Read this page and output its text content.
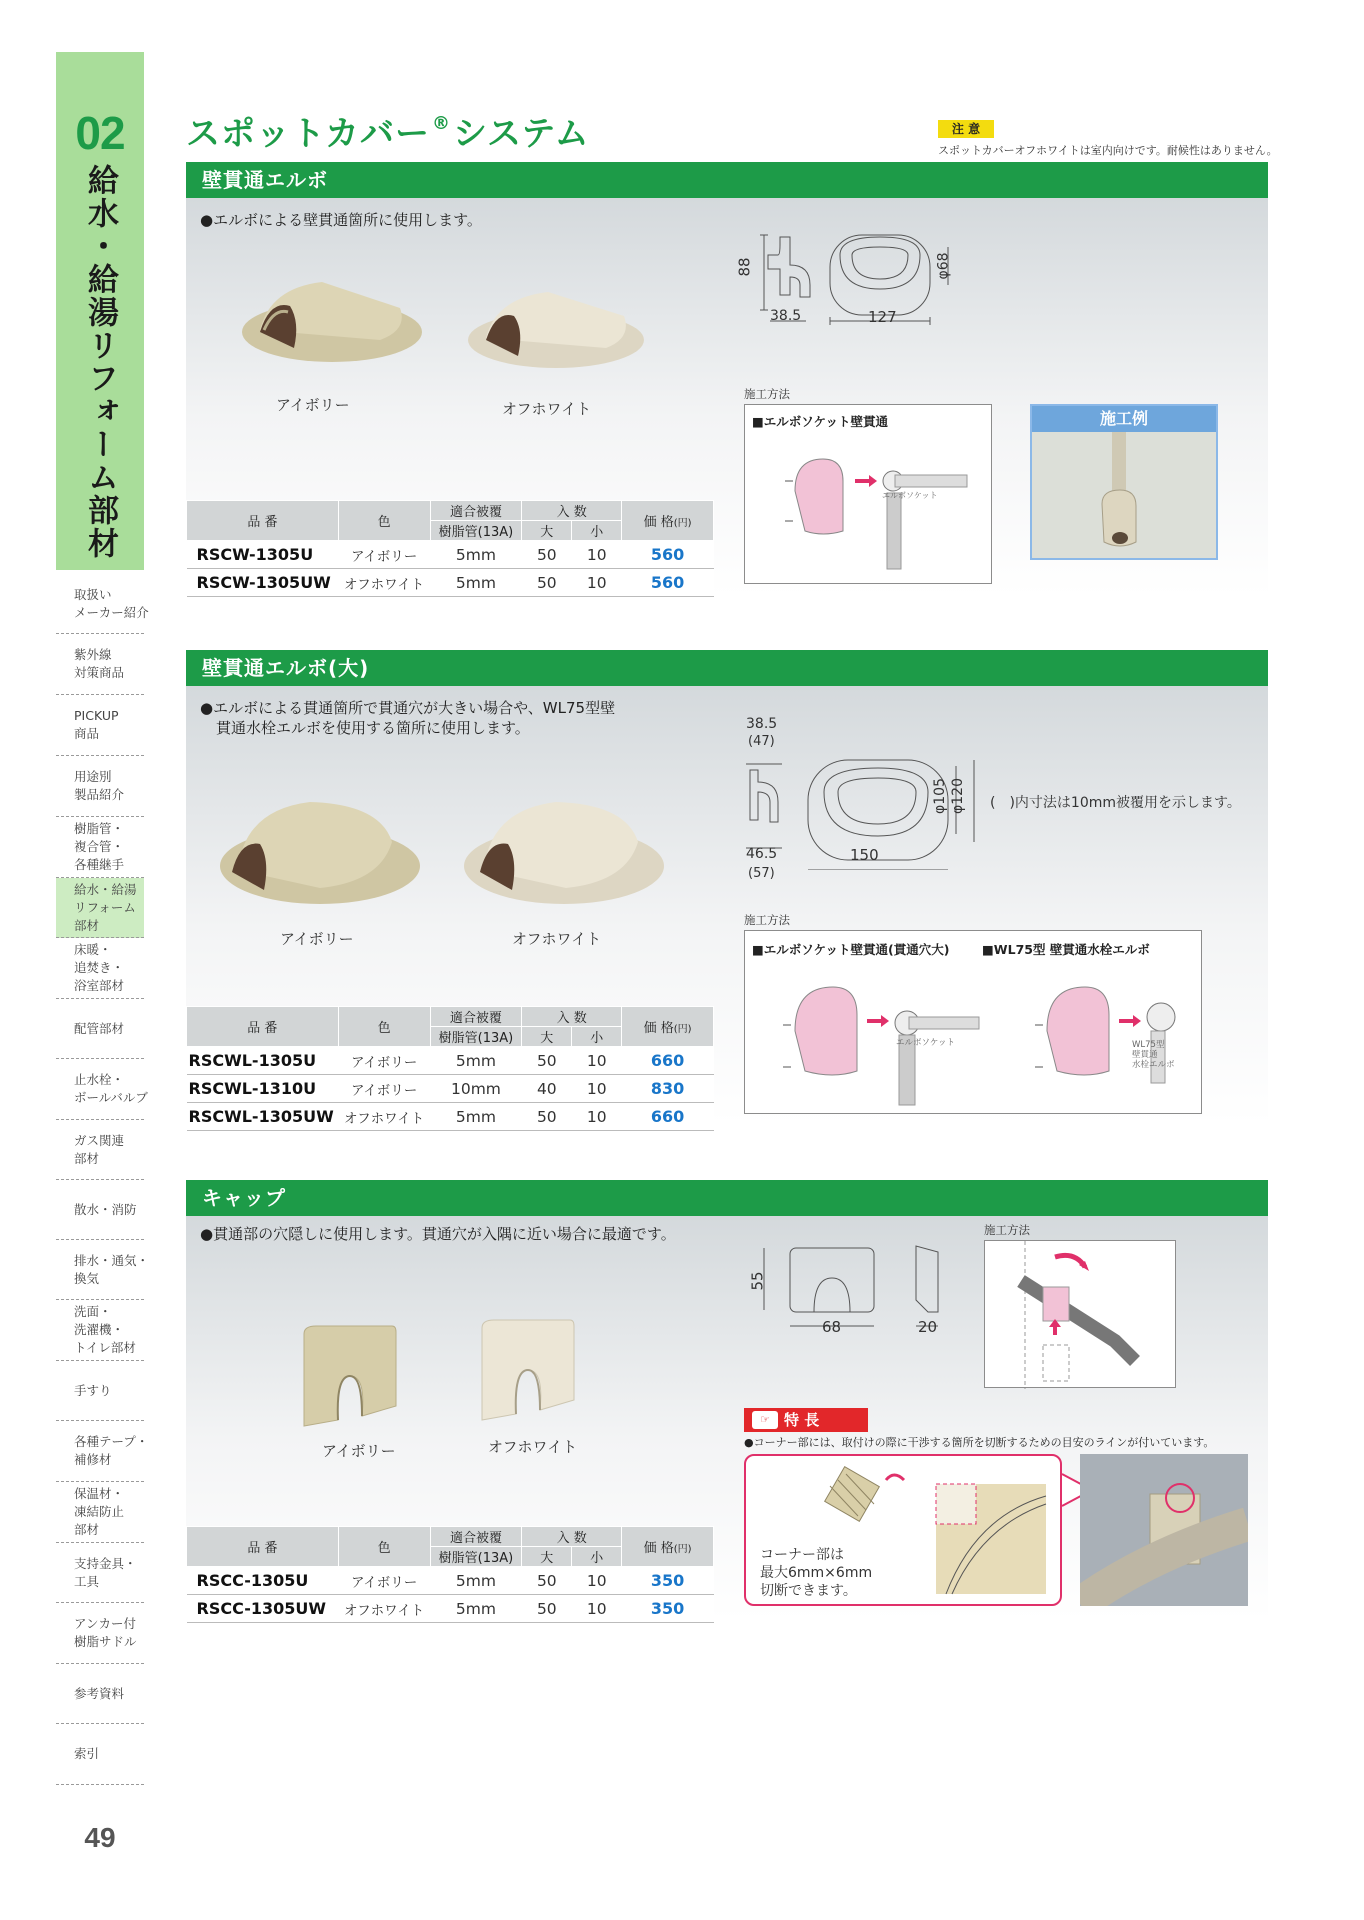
02
給水・給湯リフォーム部材
取扱い
メーカー紹介
紫外線
対策商品
PICKUP
商品
用途別
製品紹介
樹脂管・
複合管・
各種継手
給水・給湯
リフォーム
部材
床暖・
追焚き・
浴室部材
配管部材
止水栓・
ボールバルブ
ガス関連
部材
散水・消防
排水・通気・
換気
洗面・
洗濯機・
トイレ部材
手すり
各種テープ・
補修材
保温材・
凍結防止
部材
支持金具・
工具
アンカー付
樹脂サドル
参考資料
索引
49
スポットカバー ®システム	注 意
スポットカバーオフホワイトは室内向けです。耐候性はありません。
壁貫通エルボ
●エルボによる壁貫通箇所に使用します。
アイボリー	オフホワイト
88
38.5	127
φ68
施工方法
■エルボソケット壁貫通
エルボソケット
施工例
品 番	色	適合被覆	入 数		価 格(円)
		樹脂管(13A)	大	小	
RSCW-1305U	アイボリー	5mm	50	10	560
RSCW-1305UW	オフホワイト	5mm	50	10	560
壁貫通エルボ(大)
●エルボによる貫通箇所で貫通穴が大きい場合や、WL75型壁
貫通水栓エルボを使用する箇所に使用します。
アイボリー	オフホワイト
38.5
(47)
46.5
(57)
150
φ105 φ120 (　)内寸法は10mm被覆用を示します。
施工方法
■エルボソケット壁貫通(貫通穴大)	■WL75型 壁貫通水栓エルボ
エルボソケット	WL75型
壁貫通
水栓エルボ
品 番	色	適合被覆	入 数		価 格(円)
		樹脂管(13A)	大	小	
RSCWL-1305U	アイボリー	5mm	50	10	660
RSCWL-1310U	アイボリー	10mm	40	10	830
RSCWL-1305UW	オフホワイト	5mm	50	10	660
キャップ
●貫通部の穴隠しに使用します。貫通穴が入隅に近い場合に最適です。
アイボリー	オフホワイト
55
68	20
施工方法
☞ 特 長
●コーナー部には、取付けの際に干渉する箇所を切断するための目安のラインが付いています。
コーナー部は
最大6mm×6mm
切断できます。
品 番	色	適合被覆	入 数		価 格(円)
		樹脂管(13A)	大	小	
RSCC-1305U	アイボリー	5mm	50	10	350
RSCC-1305UW	オフホワイト	5mm	50	10	350
